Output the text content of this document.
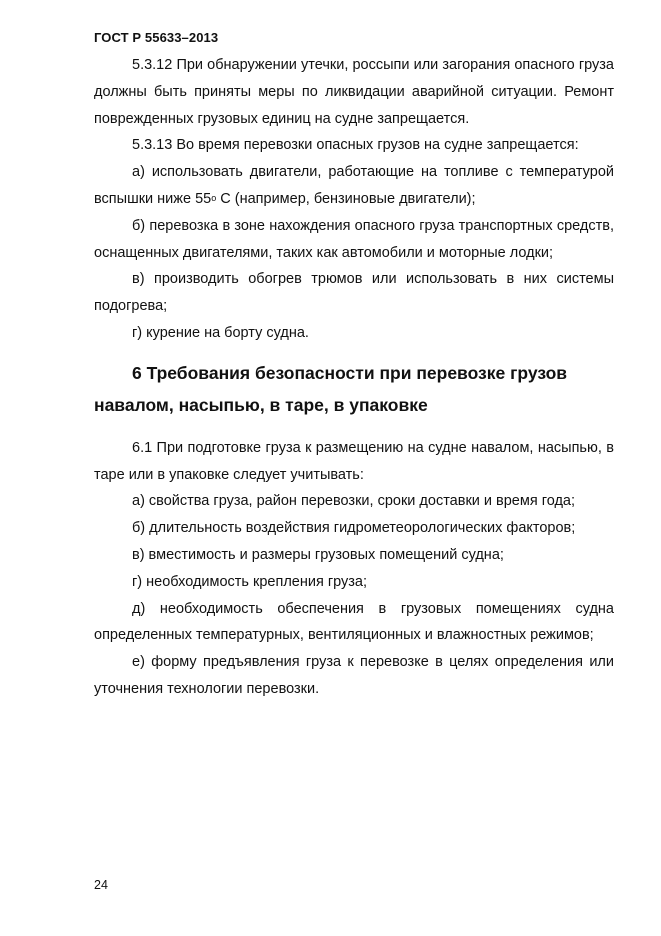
ГОСТ Р 55633–2013

5.3.12 При обнаружении утечки, россыпи или загорания опасного груза должны быть приняты меры по ликвидации аварийной ситуации. Ремонт поврежденных грузовых единиц на судне запрещается.

5.3.13 Во время перевозки опасных грузов на судне запрещается:

а) использовать двигатели, работающие на топливе с температурой вспышки ниже 55$^o$ С (например, бензиновые двигатели);

б) перевозка в зоне нахождения опасного груза транспортных средств, оснащенных двигателями, таких как автомобили и моторные лодки;

в) производить обогрев трюмов или использовать в них системы подогрева;

г) курение на борту судна.

6 Требования безопасности при перевозке грузов навалом, насыпью, в таре, в упаковке

6.1 При подготовке груза к размещению на судне навалом, насыпью, в таре или в упаковке следует учитывать:

а) свойства груза, район перевозки, сроки доставки и время года;

б) длительность воздействия гидрометеорологических факторов;

в) вместимость и размеры грузовых помещений судна;

г) необходимость крепления груза;

д) необходимость обеспечения в грузовых помещениях судна определенных температурных, вентиляционных и влажностных режимов;

е) форму предъявления груза к перевозке в целях определения или уточнения технологии перевозки.

24
